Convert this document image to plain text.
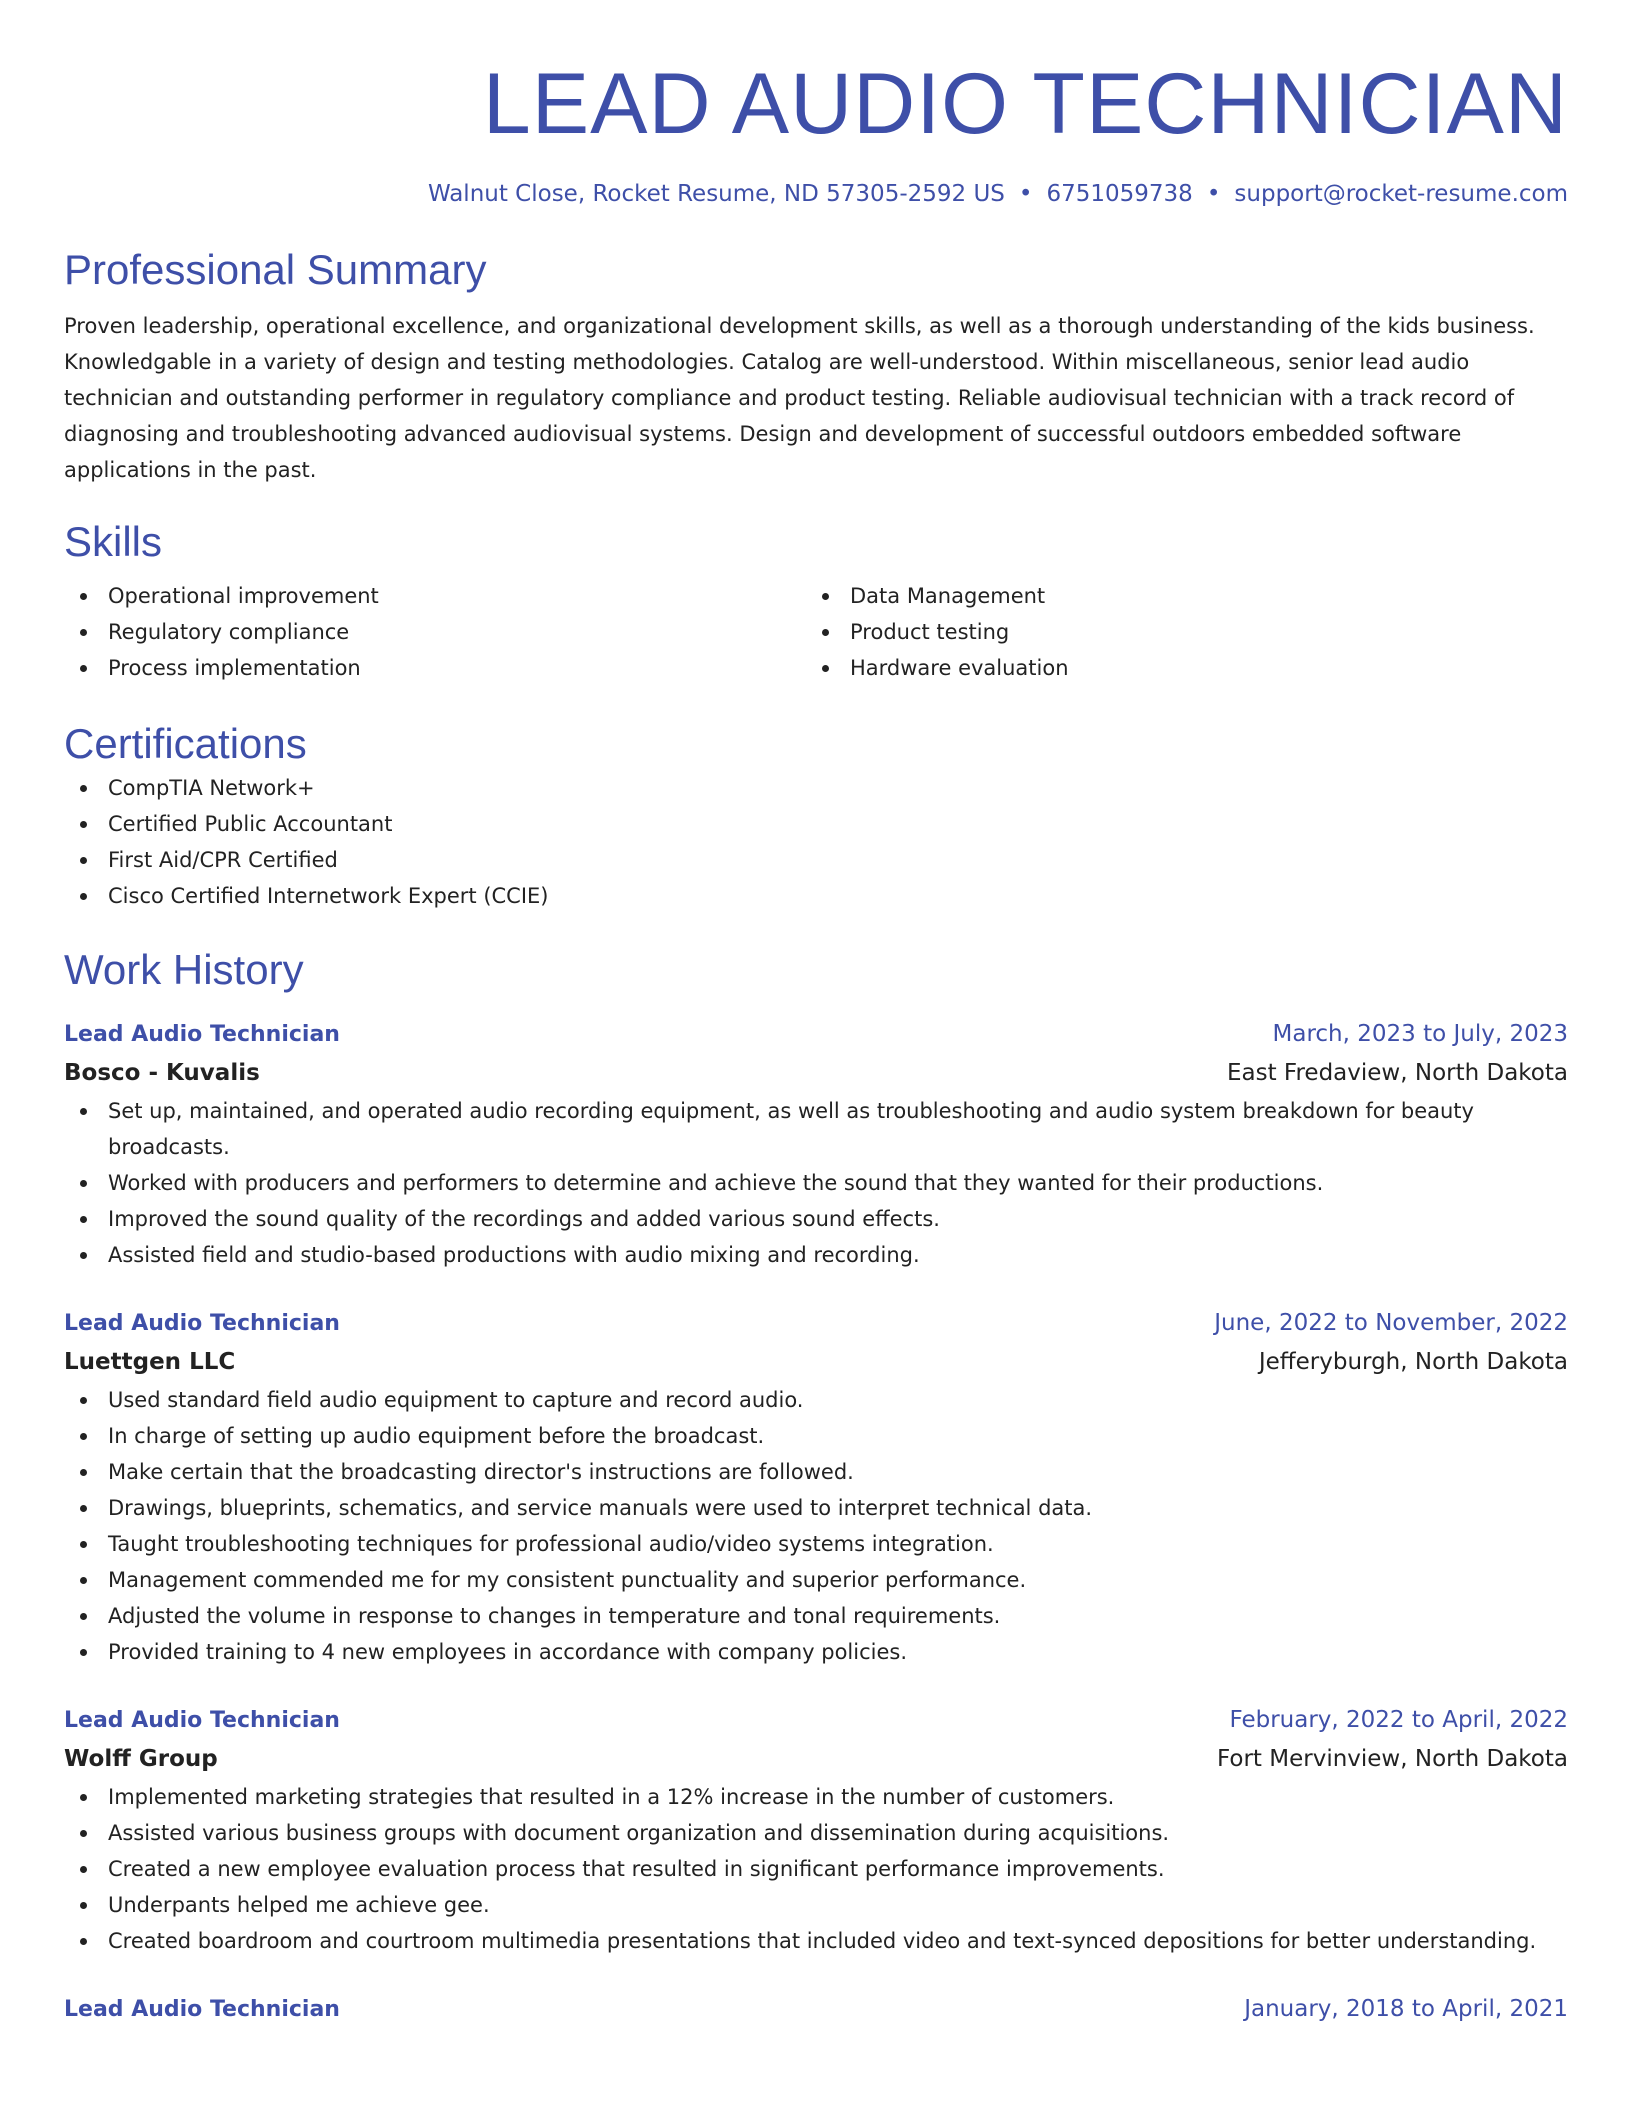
LEAD AUDIO TECHNICIAN
Walnut Close, Rocket Resume, ND 57305-2592 US • 6751059738 • support@rocket-resume.com
Professional Summary
Proven leadership, operational excellence, and organizational development skills, as well as a thorough understanding of the kids business. Knowledgable in a variety of design and testing methodologies. Catalog are well-understood. Within miscellaneous, senior lead audio technician and outstanding performer in regulatory compliance and product testing. Reliable audiovisual technician with a track record of diagnosing and troubleshooting advanced audiovisual systems. Design and development of successful outdoors embedded software applications in the past.
Skills
Operational improvement
Regulatory compliance
Process implementation
Data Management
Product testing
Hardware evaluation
Certifications
CompTIA Network+
Certified Public Accountant
First Aid/CPR Certified
Cisco Certified Internetwork Expert (CCIE)
Work History
Lead Audio Technician	March, 2023 to July, 2023
Bosco - Kuvalis	East Fredaview, North Dakota
Set up, maintained, and operated audio recording equipment, as well as troubleshooting and audio system breakdown for beauty broadcasts.
Worked with producers and performers to determine and achieve the sound that they wanted for their productions.
Improved the sound quality of the recordings and added various sound effects.
Assisted field and studio-based productions with audio mixing and recording.
Lead Audio Technician	June, 2022 to November, 2022
Luettgen LLC	Jefferyburgh, North Dakota
Used standard field audio equipment to capture and record audio.
In charge of setting up audio equipment before the broadcast.
Make certain that the broadcasting director's instructions are followed.
Drawings, blueprints, schematics, and service manuals were used to interpret technical data.
Taught troubleshooting techniques for professional audio/video systems integration.
Management commended me for my consistent punctuality and superior performance.
Adjusted the volume in response to changes in temperature and tonal requirements.
Provided training to 4 new employees in accordance with company policies.
Lead Audio Technician	February, 2022 to April, 2022
Wolff Group	Fort Mervinview, North Dakota
Implemented marketing strategies that resulted in a 12% increase in the number of customers.
Assisted various business groups with document organization and dissemination during acquisitions.
Created a new employee evaluation process that resulted in significant performance improvements.
Underpants helped me achieve gee.
Created boardroom and courtroom multimedia presentations that included video and text-synced depositions for better understanding.
Lead Audio Technician	January, 2018 to April, 2021
